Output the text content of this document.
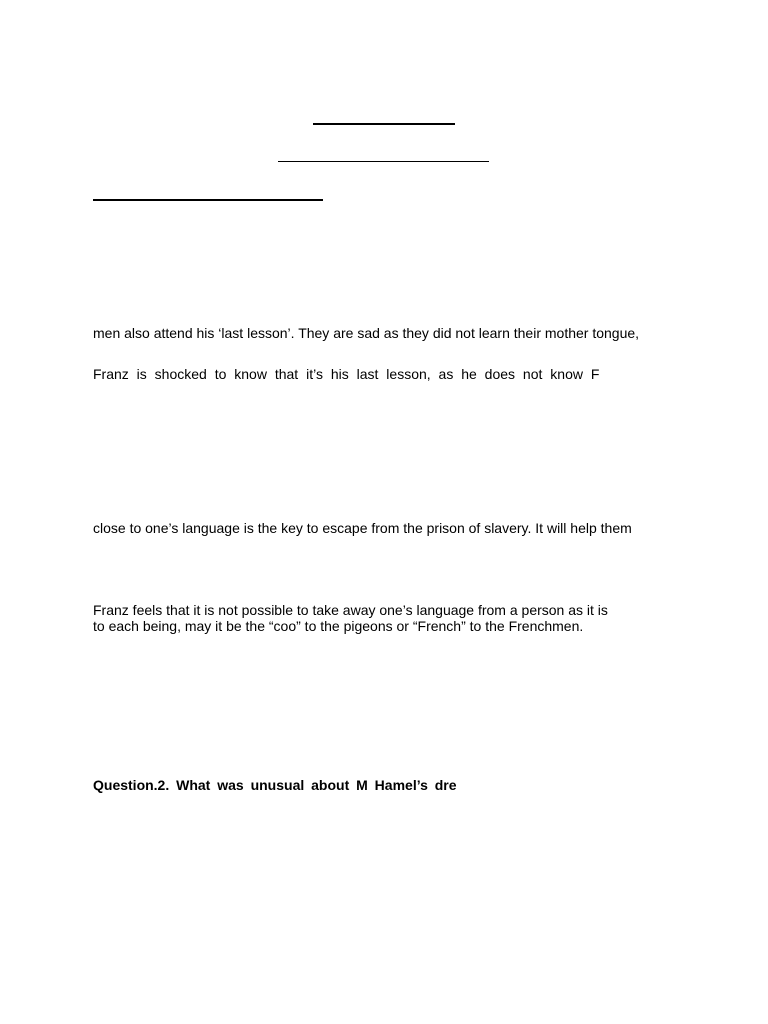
men also attend his ‘last lesson’. They are sad as they did not learn their mother tongue,
Franz is shocked to know that it’s his last lesson, as he does not know F
close to one’s language is the key to escape from the prison of slavery. It will help them
Franz feels that it is not possible to take away one’s language from a person as it is
to each being, may it be the “coo” to the pigeons or “French” to the Frenchmen.
Question.2. What was unusual about M Hamel’s dre
